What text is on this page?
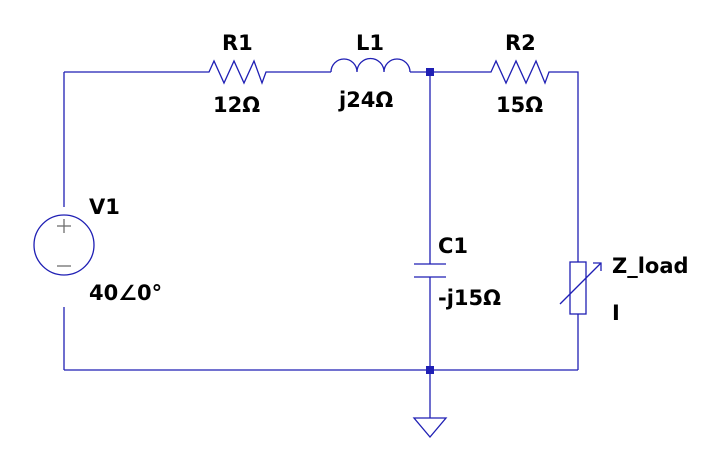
R1
12Ω
L1
j24Ω
R2
15Ω
C1
-j15Ω
V1
40∠0°
Z_load
I
